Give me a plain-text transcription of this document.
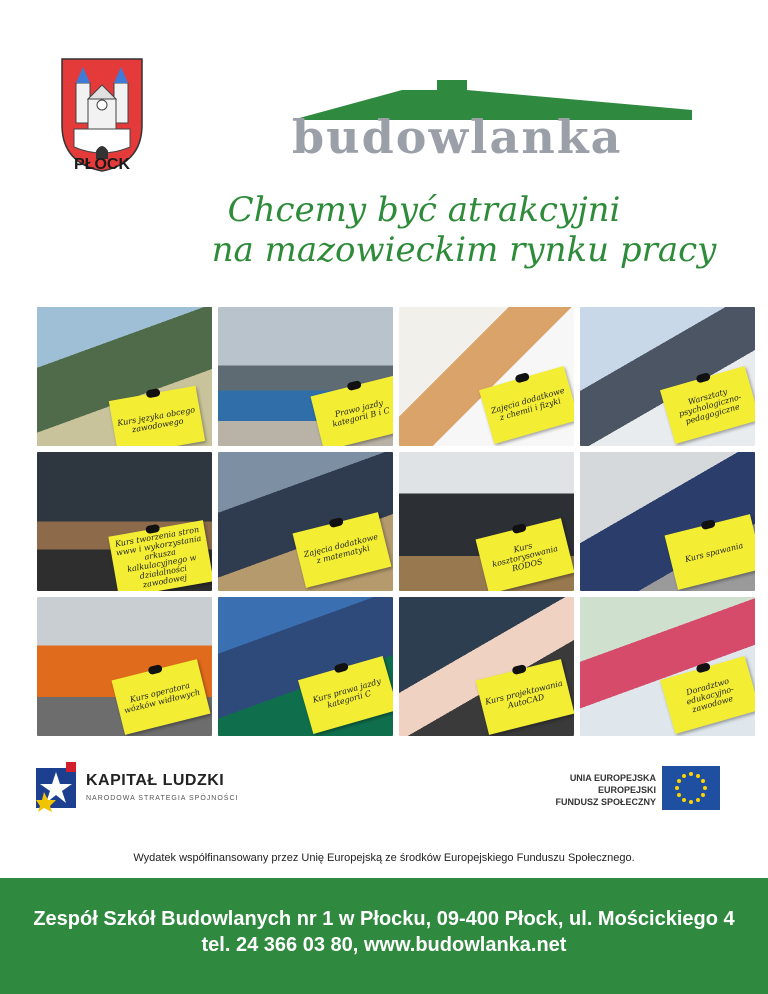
PŁOCK
budowlanka
Chcemy być atrakcyjni
na mazowieckim rynku pracy
Kurs języka obcego zawodowego
Prawo jazdy kategorii B i C
Zajęcia dodatkowe z chemii i fizyki	Warsztaty psychologiczno-pedagogiczne
Kurs tworzenia stron www i wykorzystania arkusza kalkulacyjnego w działalności zawodowej
Zajęcia dodatkowe z matematyki	Kurs kosztorysowania RODOS
Kurs spawania
Kurs operatora wózków widłowych	Kurs prawa jazdy kategorii C	Kurs projektowania AutoCAD
Doradztwo edukacyjno-zawodowe
KAPITAŁ LUDZKI
NARODOWA STRATEGIA SPÓJNOŚCI
UNIA EUROPEJSKA
EUROPEJSKI
FUNDUSZ SPOŁECZNY
Wydatek współfinansowany przez Unię Europejską ze środków Europejskiego Funduszu Społecznego.
Zespół Szkół Budowlanych nr 1 w Płocku, 09-400 Płock, ul. Mościckiego 4
tel. 24 366 03 80, www.budowlanka.net
